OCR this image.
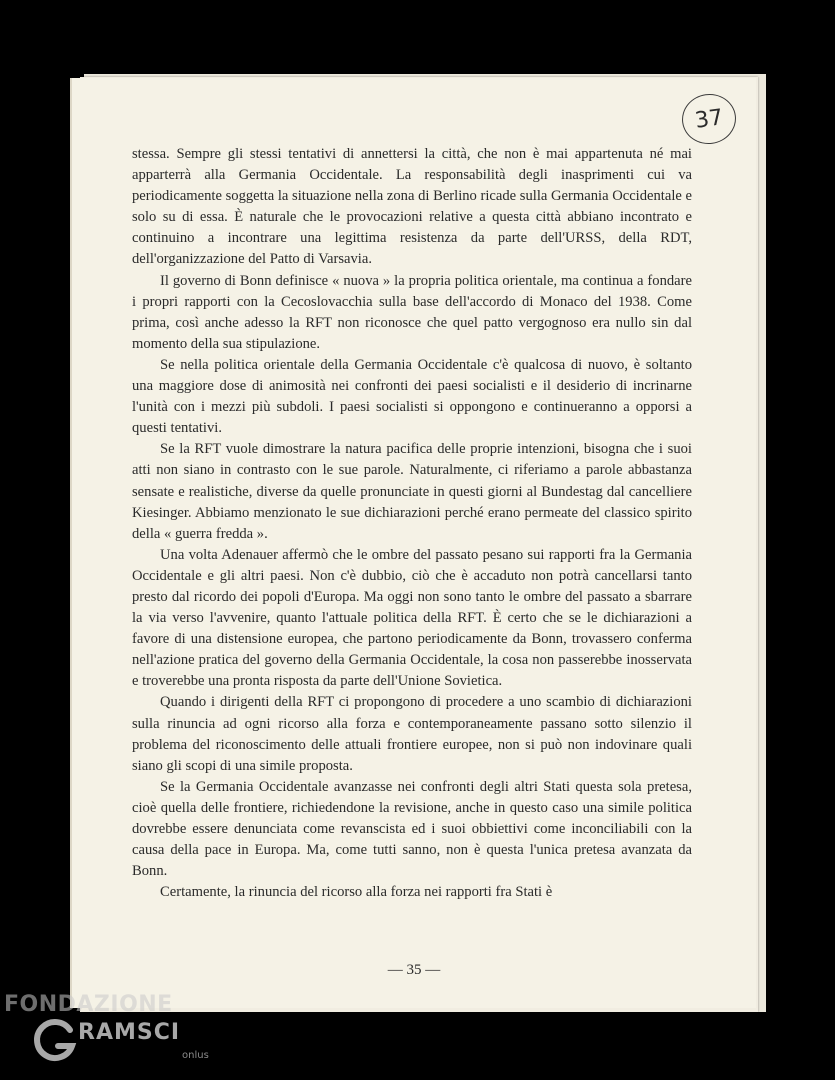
37

stessa. Sempre gli stessi tentativi di annettersi la città, che non è mai appartenuta né mai apparterrà alla Germania Occidentale. La responsabilità degli inasprimenti cui va periodicamente soggetta la situazione nella zona di Berlino ricade sulla Germania Occidentale e solo su di essa. È naturale che le provocazioni relative a questa città abbiano incontrato e continuino a incontrare una legittima resistenza da parte dell'URSS, della RDT, dell'organizzazione del Patto di Varsavia.

Il governo di Bonn definisce « nuova » la propria politica orientale, ma continua a fondare i propri rapporti con la Cecoslovacchia sulla base dell'accordo di Monaco del 1938. Come prima, così anche adesso la RFT non riconosce che quel patto vergognoso era nullo sin dal momento della sua stipulazione.

Se nella politica orientale della Germania Occidentale c'è qualcosa di nuovo, è soltanto una maggiore dose di animosità nei confronti dei paesi socialisti e il desiderio di incrinarne l'unità con i mezzi più subdoli. I paesi socialisti si oppongono e continueranno a opporsi a questi tentativi.

Se la RFT vuole dimostrare la natura pacifica delle proprie intenzioni, bisogna che i suoi atti non siano in contrasto con le sue parole. Naturalmente, ci riferiamo a parole abbastanza sensate e realistiche, diverse da quelle pronunciate in questi giorni al Bundestag dal cancelliere Kiesinger. Abbiamo menzionato le sue dichiarazioni perché erano permeate del classico spirito della « guerra fredda ».

Una volta Adenauer affermò che le ombre del passato pesano sui rapporti fra la Germania Occidentale e gli altri paesi. Non c'è dubbio, ciò che è accaduto non potrà cancellarsi tanto presto dal ricordo dei popoli d'Europa. Ma oggi non sono tanto le ombre del passato a sbarrare la via verso l'avvenire, quanto l'attuale politica della RFT. È certo che se le dichiarazioni a favore di una distensione europea, che partono periodicamente da Bonn, trovassero conferma nell'azione pratica del governo della Germania Occidentale, la cosa non passerebbe inosservata e troverebbe una pronta risposta da parte dell'Unione Sovietica.

Quando i dirigenti della RFT ci propongono di procedere a uno scambio di dichiarazioni sulla rinuncia ad ogni ricorso alla forza e contemporaneamente passano sotto silenzio il problema del riconoscimento delle attuali frontiere europee, non si può non indovinare quali siano gli scopi di una simile proposta.

Se la Germania Occidentale avanzasse nei confronti degli altri Stati questa sola pretesa, cioè quella delle frontiere, richiedendone la revisione, anche in questo caso una simile politica dovrebbe essere denunciata come revanscista ed i suoi obbiettivi come inconciliabili con la causa della pace in Europa. Ma, come tutti sanno, non è questa l'unica pretesa avanzata da Bonn.

Certamente, la rinuncia del ricorso alla forza nei rapporti fra Stati è

— 35 —
FONDAZIONE
RAMSCI
onlus
